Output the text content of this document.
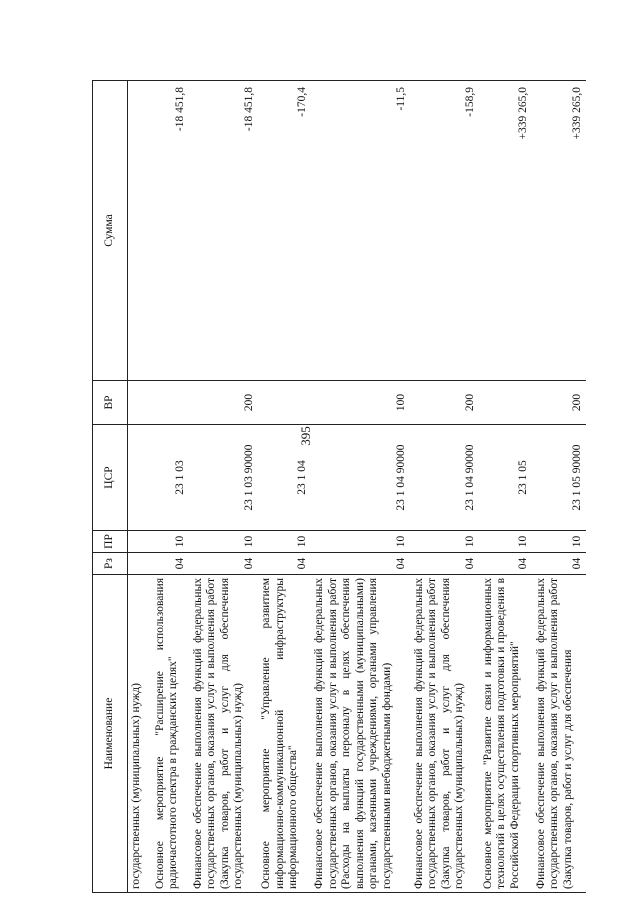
395
Наименование	Рз	ПР	ЦСР	ВР	Сумма
государственных (муниципальных) нужд)					
Основное мероприятие "Расширение использования радиочастотного спектра в гражданских целях"	04	10	23 1 03		-18 451,8
Финансовое обеспечение выполнения функций федеральных государственных органов, оказания услуг и выполнения работ (Закупка товаров, работ и услуг для обеспечения государственных (муниципальных) нужд)	04	10	23 1 03 90000	200	-18 451,8
Основное мероприятие "Управление развитием информационно-коммуникационной инфраструктуры информационного общества"	04	10	23 1 04		-170,4
Финансовое обеспечение выполнения функций федеральных государственных органов, оказания услуг и выполнения работ (Расходы на выплаты персоналу в целях обеспечения выполнения функций государственными (муниципальными) органами, казенными учреждениями, органами управления государственными внебюджетными фондами)	04	10	23 1 04 90000	100	-11,5
Финансовое обеспечение выполнения функций федеральных государственных органов, оказания услуг и выполнения работ (Закупка товаров, работ и услуг для обеспечения государственных (муниципальных) нужд)	04	10	23 1 04 90000	200	-158,9
Основное мероприятие "Развитие связи и информационных технологий в целях осуществления подготовки и проведения в Российской Федерации спортивных мероприятий"	04	10	23 1 05		+339 265,0
Финансовое обеспечение выполнения функций федеральных государственных органов, оказания услуг и выполнения работ (Закупка товаров, работ и услуг для обеспечения	04	10	23 1 05 90000	200	+339 265,0
